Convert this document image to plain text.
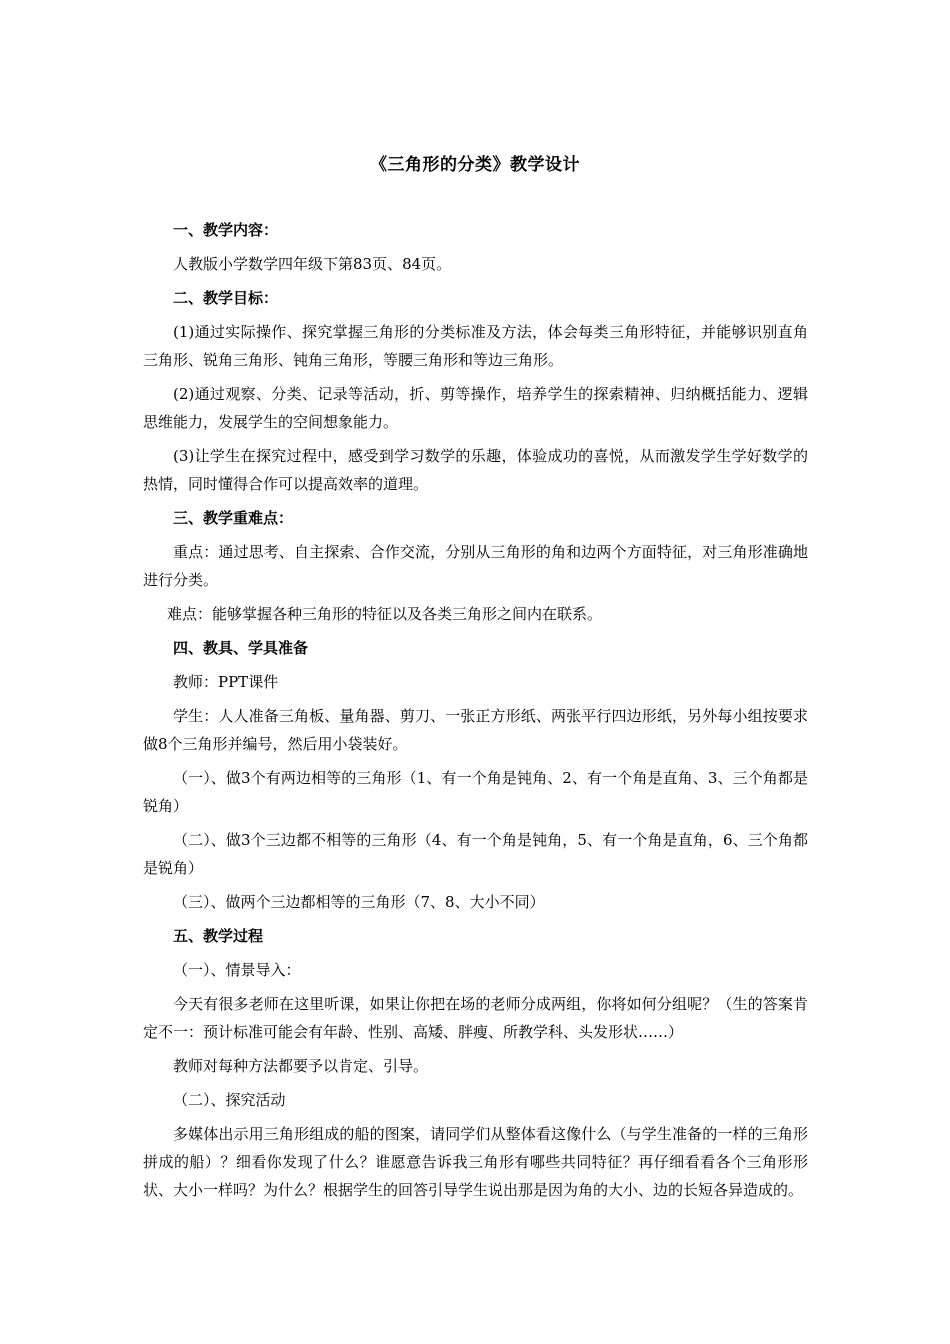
《三角形的分类》教学设计

一、教学内容：

人教版小学数学四年级下第83页、84页。

二、教学目标：

(1)通过实际操作、探究掌握三角形的分类标准及方法，体会每类三角形特征，并能够识别直角三角形、锐角三角形、钝角三角形，等腰三角形和等边三角形。

(2)通过观察、分类、记录等活动，折、剪等操作，培养学生的探索精神、归纳概括能力、逻辑思维能力，发展学生的空间想象能力。

(3)让学生在探究过程中，感受到学习数学的乐趣，体验成功的喜悦，从而激发学生学好数学的热情，同时懂得合作可以提高效率的道理。

三、教学重难点：

重点：通过思考、自主探索、合作交流，分别从三角形的角和边两个方面特征，对三角形准确地进行分类。

难点：能够掌握各种三角形的特征以及各类三角形之间内在联系。

四、教具、学具准备

教师：PPT课件

学生：人人准备三角板、量角器、剪刀、一张正方形纸、两张平行四边形纸，另外每小组按要求做8个三角形并编号，然后用小袋装好。

（一）、做3个有两边相等的三角形（1、有一个角是钝角、2、有一个角是直角、3、三个角都是锐角）

（二）、做3个三边都不相等的三角形（4、有一个角是钝角，5、有一个角是直角，6、三个角都是锐角）

（三）、做两个三边都相等的三角形（7、8、大小不同）

五、教学过程

（一）、情景导入：

今天有很多老师在这里听课，如果让你把在场的老师分成两组，你将如何分组呢？（生的答案肯定不一：预计标准可能会有年龄、性别、高矮、胖瘦、所教学科、头发形状……）

教师对每种方法都要予以肯定、引导。

（二）、探究活动

多媒体出示用三角形组成的船的图案，请同学们从整体看这像什么（与学生准备的一样的三角形拼成的船）？细看你发现了什么？谁愿意告诉我三角形有哪些共同特征？再仔细看看各个三角形形状、大小一样吗？为什么？根据学生的回答引导学生说出那是因为角的大小、边的长短各异造成的。
